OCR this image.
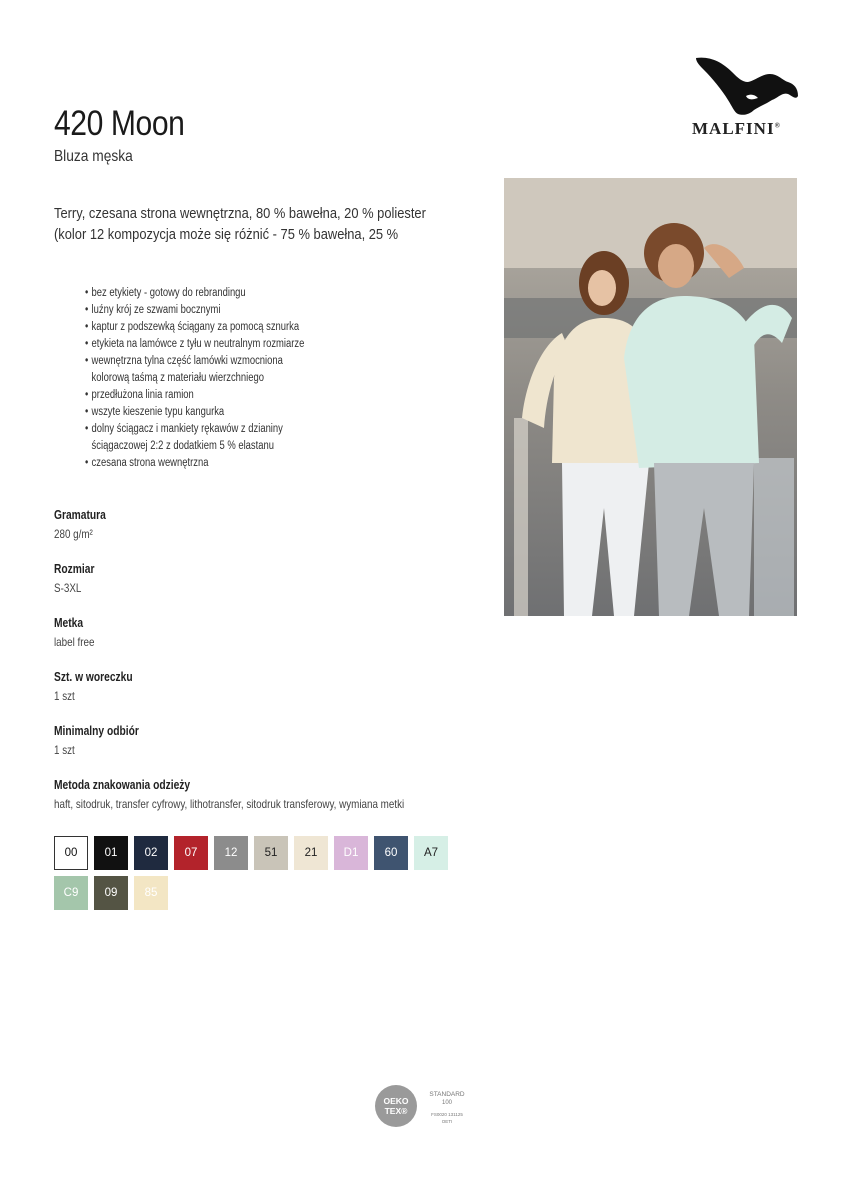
420 Moon
Bluza męska
Terry, czesana strona wewnętrzna, 80 % bawełna, 20 % poliester
(kolor 12 kompozycja może się różnić - 75 % bawełna, 25 %
MALFINI®
• bez etykiety - gotowy do rebrandingu
• luźny krój ze szwami bocznymi
• kaptur z podszewką ściągany za pomocą sznurka
• etykieta na lamówce z tyłu w neutralnym rozmiarze
• wewnętrzna tylna część lamówki wzmocniona
kolorową taśmą z materiału wierzchniego
• przedłużona linia ramion
• wszyte kieszenie typu kangurka
• dolny ściągacz i mankiety rękawów z dzianiny
ściągaczowej 2:2 z dodatkiem 5 % elastanu
• czesana strona wewnętrzna
Gramatura
280 g/m²
Rozmiar
S-3XL
Metka
label free
Szt. w woreczku
1 szt
Minimalny odbiór
1 szt
Metoda znakowania odzieży
haft, sitodruk, transfer cyfrowy, lithotransfer, sitodruk transferowy, wymiana metki
00 01 02 07 12 51 21 D1 60 A7
C9 09 85
OEKO
TEX®
STANDARD
100
FS0020 131125
OETI
